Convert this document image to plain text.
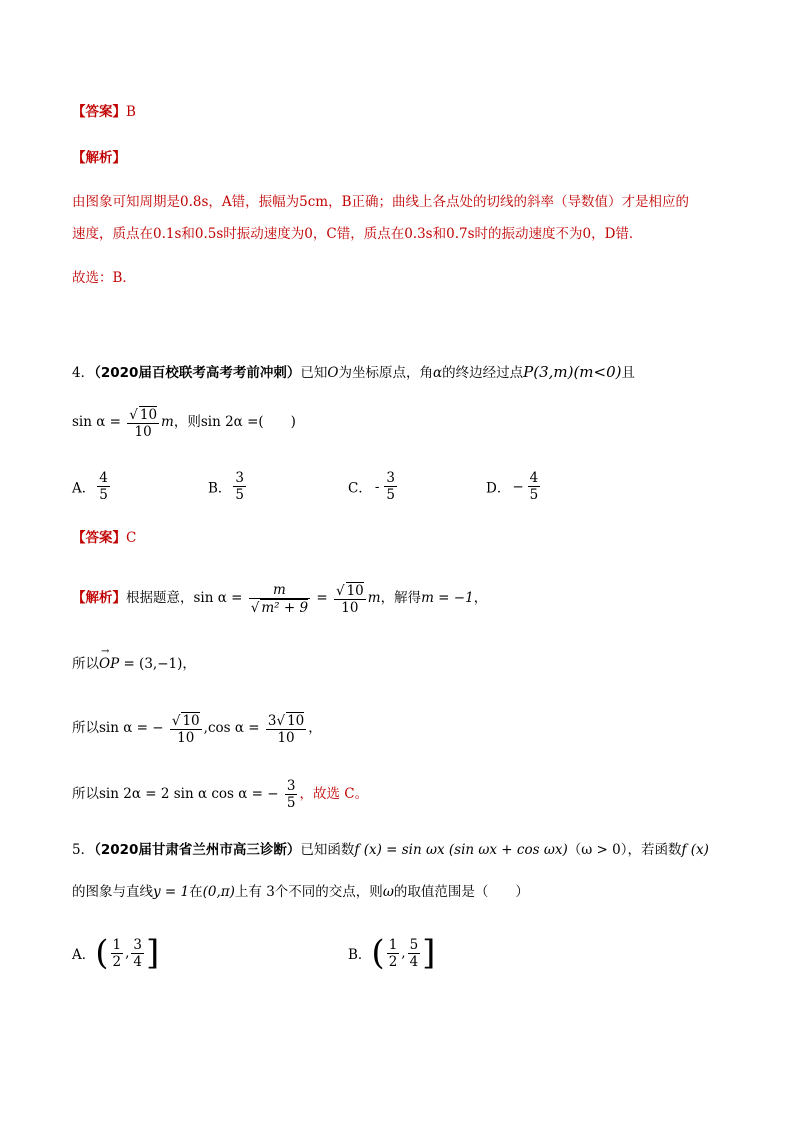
【答案】B
【解析】
由图象可知周期是0.8s，A错，振幅为5cm，B正确；曲线上各点处的切线的斜率（导数值）才是相应的
速度，质点在0.1s和0.5s时振动速度为0，C错，质点在0.3s和0.7s时的振动速度不为0，D错．
故选：B．
4．（2020届百校联考高考考前冲刺）已知O为坐标原点，角α的终边经过点P(3,m)(m<0)且
$\sin \alpha = \frac{√ 10}{10}$ m，则sin 2α =(　　)
A． $\frac{4}{5}$	B． $\frac{3}{5}$	C． - $\frac{3}{5}$	D． − $\frac{4}{5}$
【答案】C
【解析】根据题意，$\sin \alpha = \frac{m}{\text{√ m² + 9}} = \frac{√ 10}{10}$ m，解得m = −1，
所以→ OP = (3,−1)，
所以sin α = − $\frac{√ 10}{10} ,\cos$ $\alpha = \frac{3√ 10}{10}$ ，
所以sin 2α = 2 sin α cos α = − $\frac{3}{5}$ ，故选 C。
5．（2020届甘肃省兰州市高三诊断）已知函数f (x) = sin ωx (sin ωx + cos ωx)（ω > 0），若函数f (x)
的图象与直线y = 1在(0,π)上有 3个不同的交点，则ω的取值范围是（　　）
A．( $\frac{1}{2}$ , $\frac{3}{4}$ ]	B．( $\frac{1}{2}$ , $\frac{5}{4}$ ]
